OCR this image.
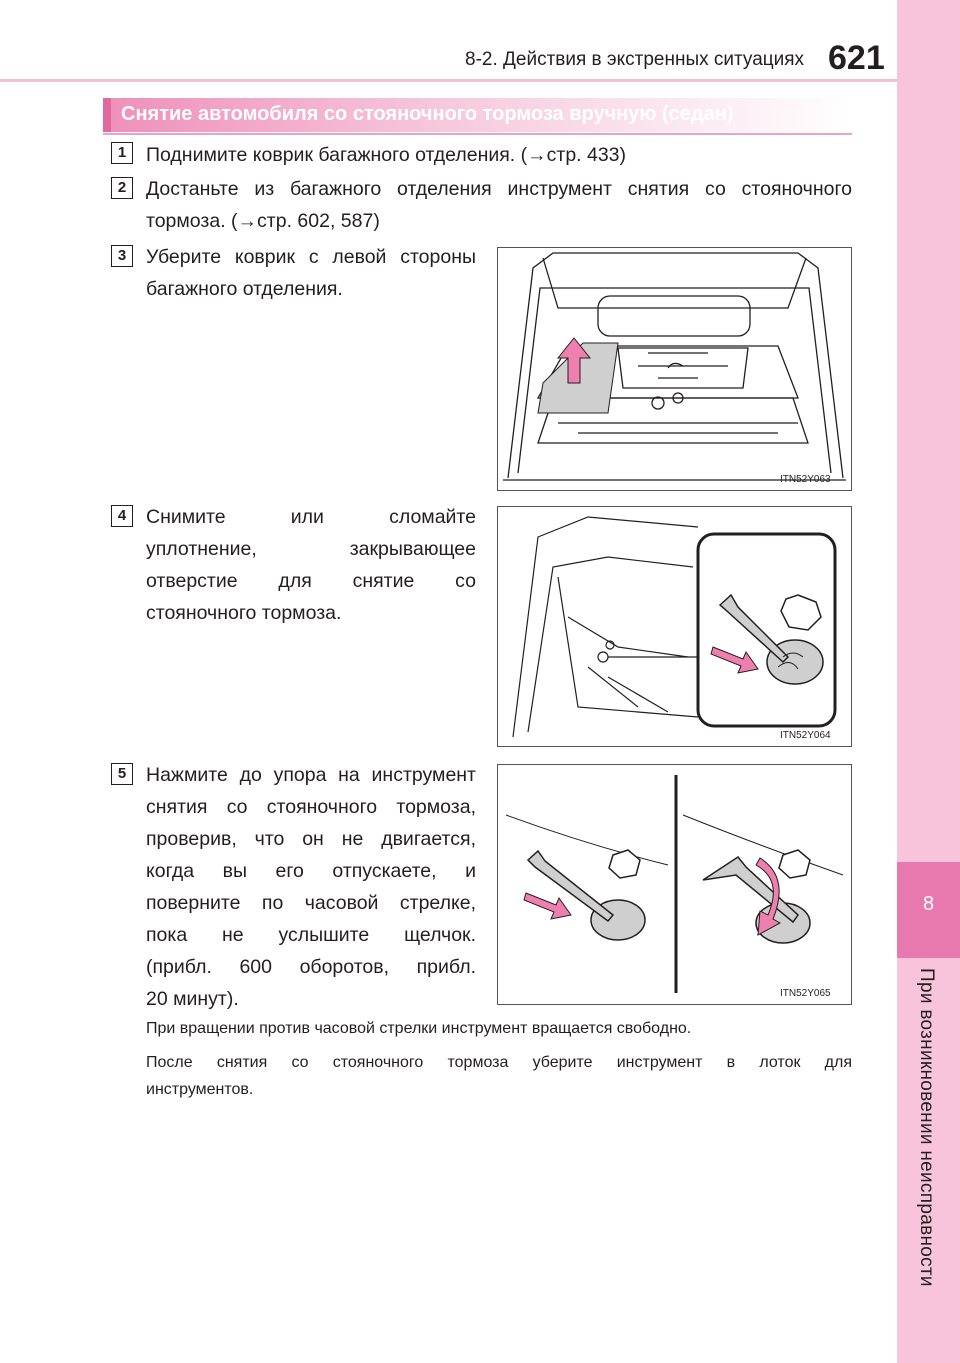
8-2. Действия в экстренных ситуациях 621
8
При возникновении неисправности
Снятие автомобиля со стояночного тормоза вручную (седан)
1	Поднимите коврик багажного отделения. (→стр. 433)
2	Достаньте из багажного отделения инструмент снятия со стояночного
тормоза. (→стр. 602, 587)
3	Уберите коврик с левой стороны
багажного отделения.
ITN52Y063
4	Снимите или сломайте
уплотнение, закрывающее
отверстие для снятие со
стояночного тормоза.
ITN52Y064
5	Нажмите до упора на инструмент
снятия со стояночного тормоза,
проверив, что он не двигается,
когда вы его отпускаете, и
поверните по часовой стрелке,
пока не услышите щелчок.
(прибл. 600 оборотов, прибл.
20 минут).	ITN52Y065
При вращении против часовой стрелки инструмент вращается свободно.
После снятия со стояночного тормоза уберите инструмент в лоток для
инструментов.
